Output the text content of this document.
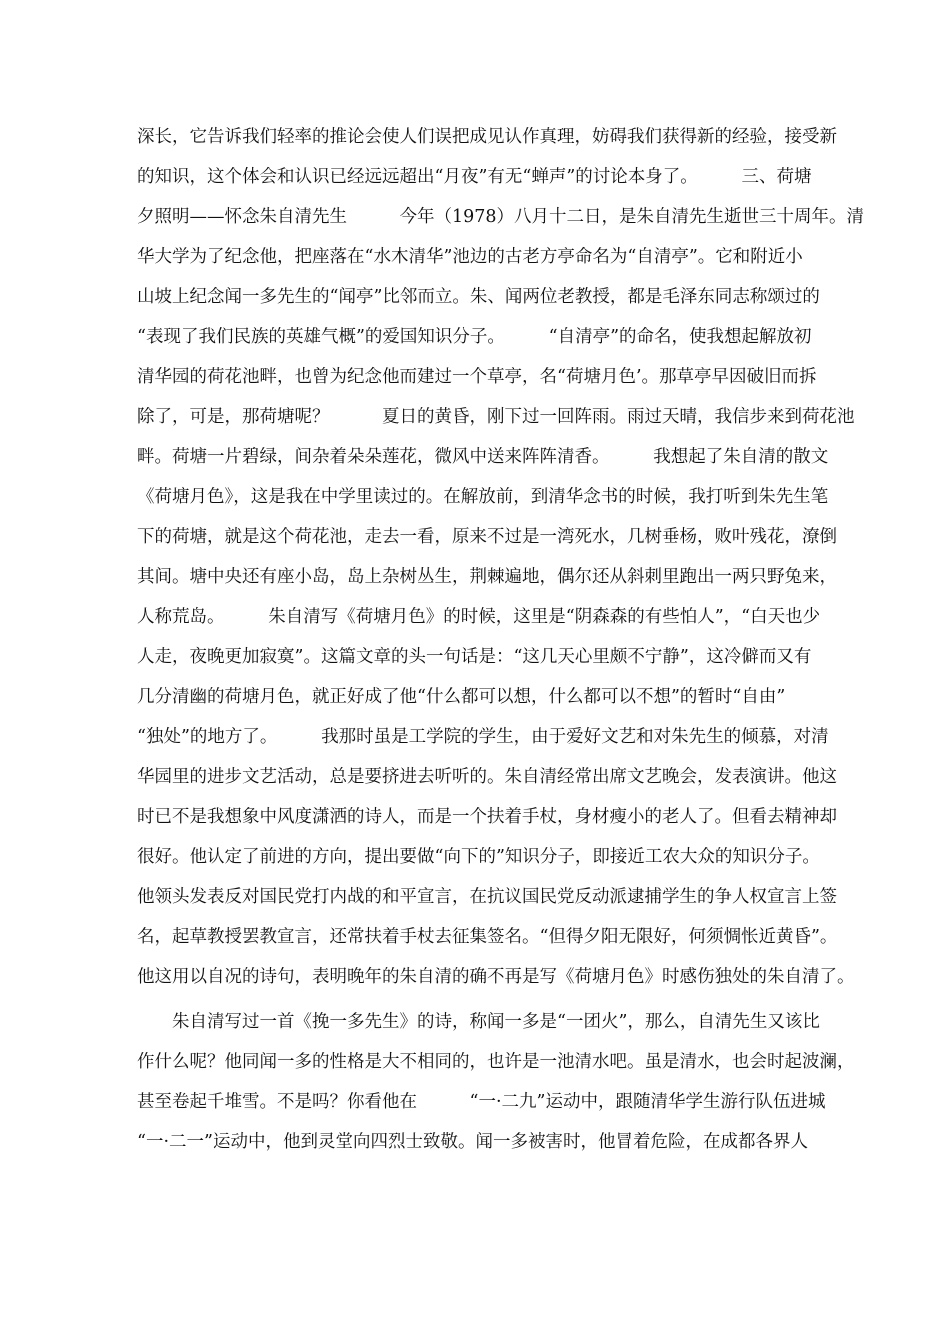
深长，它告诉我们轻率的推论会使人们误把成见认作真理，妨碍我们获得新的经验，接受新

的知识，这个体会和认识已经远远超出“月夜”有无“蝉声”的讨论本身了。　　　三、荷塘

夕照明——怀念朱自清先生　　　今年（1978）八月十二日，是朱自清先生逝世三十周年。清

华大学为了纪念他，把座落在“水木清华”池边的古老方亭命名为“自清亭”。它和附近小

山坡上纪念闻一多先生的“闻亭”比邻而立。朱、闻两位老教授，都是毛泽东同志称颂过的

“表现了我们民族的英雄气概”的爱国知识分子。　　　“自清亭”的命名，使我想起解放初

清华园的荷花池畔，也曾为纪念他而建过一个草亭，名“荷塘月色’。那草亭早因破旧而拆

除了，可是，那荷塘呢？　　　夏日的黄昏，刚下过一回阵雨。雨过天晴，我信步来到荷花池

畔。荷塘一片碧绿，间杂着朵朵莲花，微风中送来阵阵清香。　　　我想起了朱自清的散文

《荷塘月色》，这是我在中学里读过的。在解放前，到清华念书的时候，我打听到朱先生笔

下的荷塘，就是这个荷花池，走去一看，原来不过是一湾死水，几树垂杨，败叶残花，潦倒

其间。塘中央还有座小岛，岛上杂树丛生，荆棘遍地，偶尔还从斜刺里跑出一两只野兔来，

人称荒岛。　　　朱自清写《荷塘月色》的时候，这里是“阴森森的有些怕人”，“白天也少

人走，夜晚更加寂寞”。这篇文章的头一句话是：“这几天心里颇不宁静”，这冷僻而又有

几分清幽的荷塘月色，就正好成了他“什么都可以想，什么都可以不想”的暂时“自由”

“独处”的地方了。　　　我那时虽是工学院的学生，由于爱好文艺和对朱先生的倾慕，对清

华园里的进步文艺活动，总是要挤进去听听的。朱自清经常出席文艺晚会，发表演讲。他这

时已不是我想象中风度潇洒的诗人，而是一个扶着手杖，身材瘦小的老人了。但看去精神却

很好。他认定了前进的方向，提出要做“向下的”知识分子，即接近工农大众的知识分子。

他领头发表反对国民党打内战的和平宣言，在抗议国民党反动派逮捕学生的争人权宣言上签

名，起草教授罢教宣言，还常扶着手杖去征集签名。“但得夕阳无限好，何须惆怅近黄昏”。

他这用以自况的诗句，表明晚年的朱自清的确不再是写《荷塘月色》时感伤独处的朱自清了。

　　朱自清写过一首《挽一多先生》的诗，称闻一多是“一团火”，那么，自清先生又该比

作什么呢？他同闻一多的性格是大不相同的，也许是一池清水吧。虽是清水，也会时起波澜，

甚至卷起千堆雪。不是吗？你看他在　　　“一·二九”运动中，跟随清华学生游行队伍进城

“一·二一”运动中，他到灵堂向四烈士致敬。闻一多被害时，他冒着危险，在成都各界人
